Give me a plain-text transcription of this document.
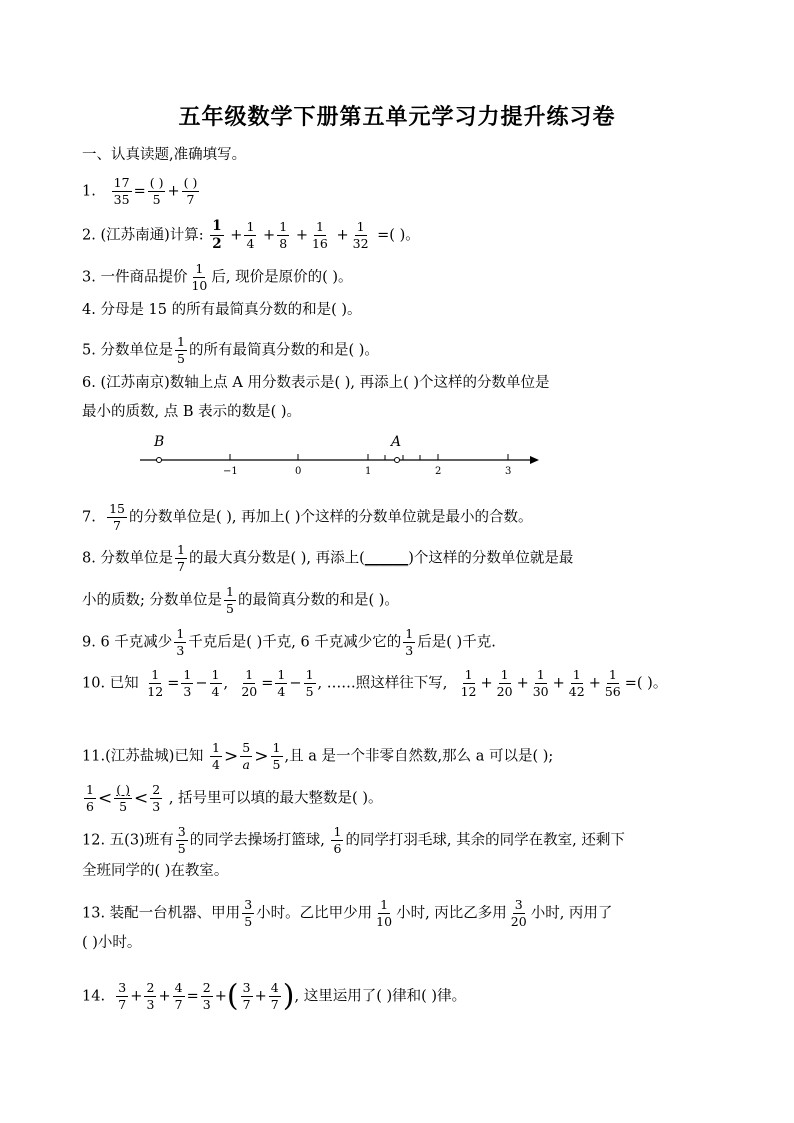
五年级数学下册第五单元学习力提升练习卷
一、认真读题,准确填写。
1. $\frac{17}{35} = \frac{( )}{5} + \frac{( )}{7}$
2. (江苏南通)计算: $\frac{1}{2} + \frac{1}{4} + \frac{1}{8} + \frac{1}{16} + \frac{1}{32}$ =( )。
3. 一件商品提价 $\frac{1}{10}$ 后, 现价是原价的( )。
4. 分母是 15 的所有最简真分数的和是( )。
5. 分数单位是 $\frac{1}{5}$ 的所有最简真分数的和是( )。
6. (江苏南京)数轴上点 A 用分数表示是( ), 再添上( )个这样的分数单位是
最小的质数, 点 B 表示的数是( )。
B	A
−1	0	1	2	3
7. $\frac{15}{7}$ 的分数单位是( ), 再加上( )个这样的分数单位就是最小的合数。
8. 分数单位是 $\frac{1}{7}$ 的最大真分数是( ), 再添上(______)个这样的分数单位就是最
小的质数; 分数单位是 $\frac{1}{5}$ 的最简真分数的和是( )。
9. 6 千克减少 $\frac{1}{3}$ 千克后是( )千克, 6 千克减少它的 $\frac{1}{3}$ 后是( )千克.
10. 已知 $\frac{1}{12} = \frac{1}{3} - \frac{1}{4}$ , $\frac{1}{20} = \frac{1}{4} - \frac{1}{5}$ , ……照这样往下写, $\frac{1}{12} + \frac{1}{20} + \frac{1}{30} + \frac{1}{42} + \frac{1}{56}$ =( )。
11.(江苏盐城)已知 $\frac{1}{4} > \frac{5}{a} > \frac{1}{5}$ ,且 a 是一个非零自然数,那么 a 可以是( );
$\frac{1}{6} < \frac{( )}{5} < \frac{2}{3}$ , 括号里可以填的最大整数是( )。
12. 五(3)班有 $\frac{3}{5}$ 的同学去操场打篮球, $\frac{1}{6}$ 的同学打羽毛球, 其余的同学在教室, 还剩下
全班同学的( )在教室。
13. 装配一台机器、甲用 $\frac{3}{5}$ 小时。乙比甲少用 $\frac{1}{10}$ 小时, 丙比乙多用 $\frac{3}{20}$ 小时, 丙用了
( )小时。
14. $\frac{3}{7} + \frac{2}{3} + \frac{4}{7} = \frac{2}{3}$ +( $\frac{3}{7} + \frac{4}{7}$ ), 这里运用了( )律和( )律。
